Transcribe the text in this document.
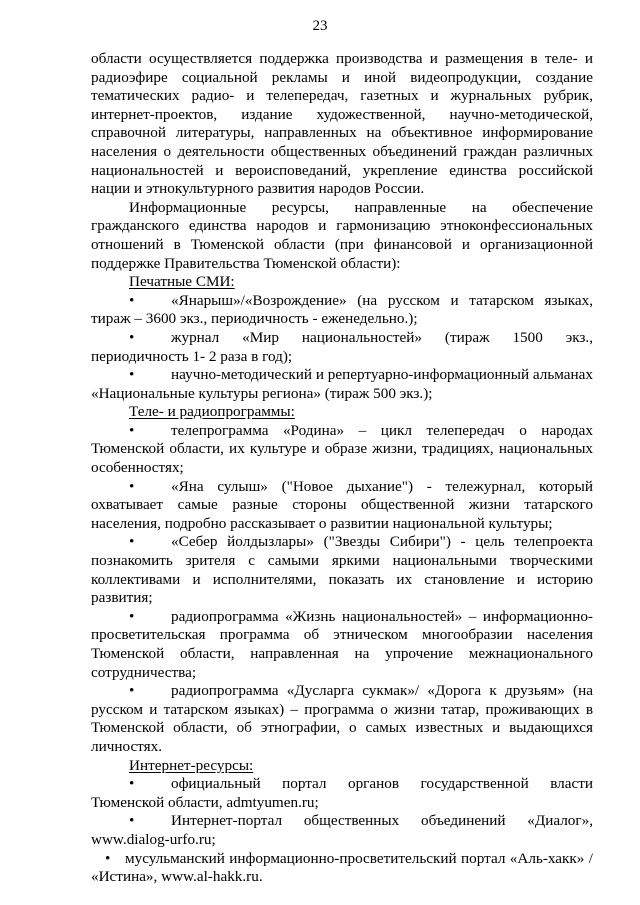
23

области осуществляется поддержка производства и размещения в теле- и радиоэфире социальной рекламы и иной видеопродукции, создание тематических радио- и телепередач, газетных и журнальных рубрик, интернет-проектов, издание художественной, научно-методической, справочной литературы, направленных на объективное информирование населения о деятельности общественных объединений граждан различных национальностей и вероисповеданий, укрепление единства российской нации и этнокультурного развития народов России.

Информационные ресурсы, направленные на обеспечение гражданского единства народов и гармонизацию этноконфессиональных отношений в Тюменской области (при финансовой и организационной поддержке Правительства Тюменской области):

Печатные СМИ:

• «Янарыш»/«Возрождение» (на русском и татарском языках, тираж – 3600 экз., периодичность - еженедельно.);

• журнал «Мир национальностей» (тираж 1500 экз., периодичность 1- 2 раза в год);

• научно-методический и репертуарно-информационный альманах «Национальные культуры региона» (тираж 500 экз.);

Теле- и радиопрограммы:

• телепрограмма «Родина» – цикл телепередач о народах Тюменской области, их культуре и образе жизни, традициях, национальных особенностях;

• «Яна сулыш» ("Новое дыхание") - тележурнал, который охватывает самые разные стороны общественной жизни татарского населения, подробно рассказывает о развитии национальной культуры;

• «Себер йолдызлары» ("Звезды Сибири") - цель телепроекта познакомить зрителя с самыми яркими национальными творческими коллективами и исполнителями, показать их становление и историю развития;

• радиопрограмма «Жизнь национальностей» – информационно-просветительская программа об этническом многообразии населения Тюменской области, направленная на упрочение межнационального сотрудничества;

• радиопрограмма «Дусларга сукмак»/ «Дорога к друзьям» (на русском и татарском языках) – программа о жизни татар, проживающих в Тюменской области, об этнографии, о самых известных и выдающихся личностях.

Интернет-ресурсы:

• официальный портал органов государственной власти Тюменской области, admtyumen.ru;

• Интернет-портал общественных объединений «Диалог», www.dialog-urfo.ru;

• мусульманский информационно-просветительский портал «Аль-хакк» / «Истина», www.al-hakk.ru.
